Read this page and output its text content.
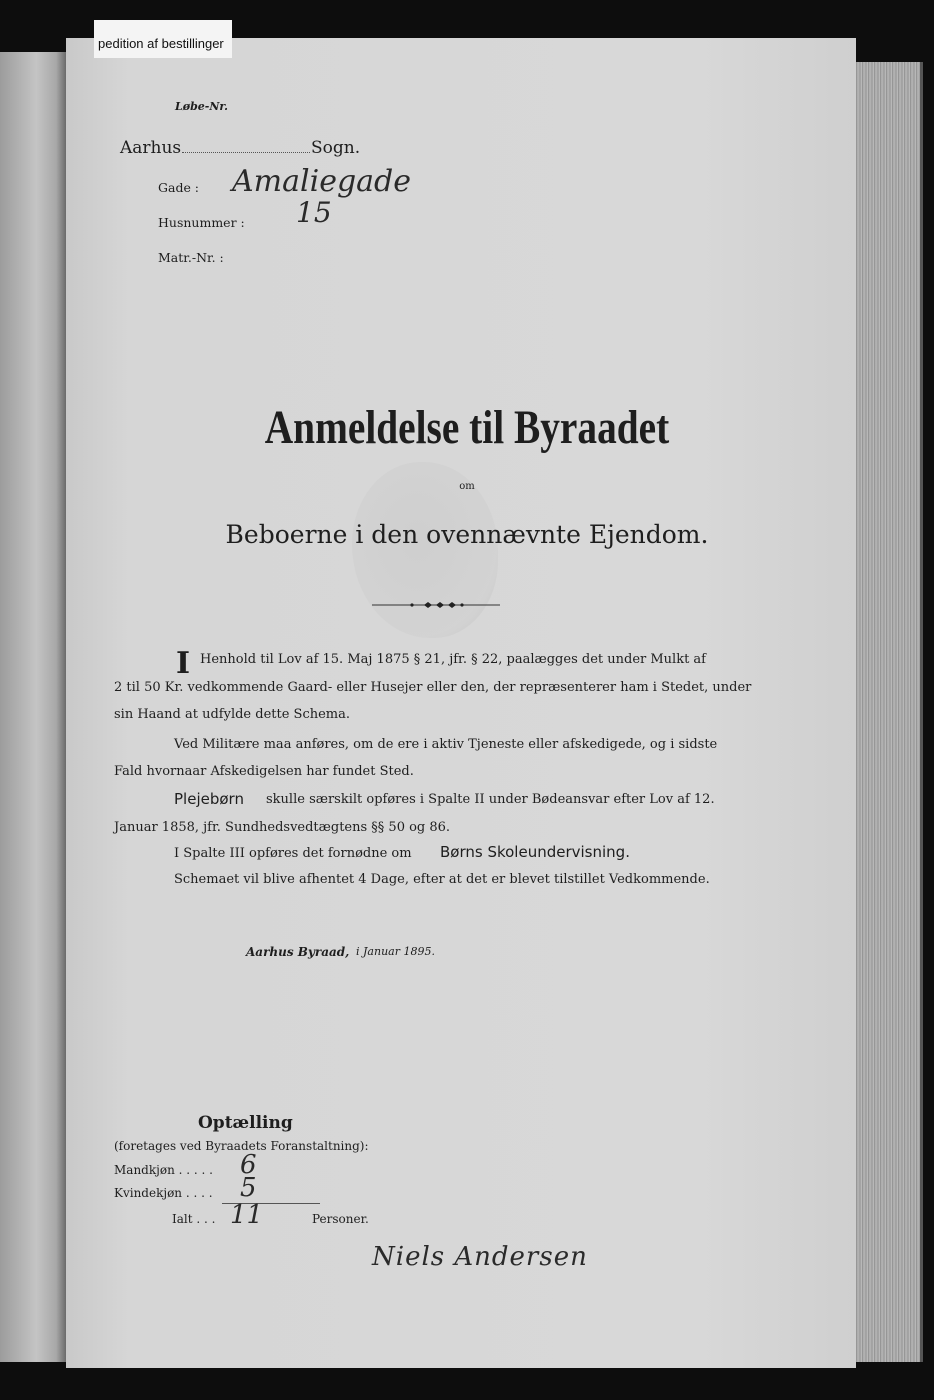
pedition af bestillinger
Løbe-Nr.
Aarhus	Sogn.
Gade : Amaliegade
Husnummer : 15
Matr.-Nr. :
Anmeldelse til Byraadet
om
Beboerne i den ovennævnte Ejendom.
I Henhold til Lov af 15. Maj 1875 § 21, jfr. § 22, paalægges det under Mulkt af
2 til 50 Kr. vedkommende Gaard- eller Husejer eller den, der repræsenterer ham i Stedet, under
sin Haand at udfylde dette Schema.
Ved Militære maa anføres, om de ere i aktiv Tjeneste eller afskedigede, og i sidste
Fald hvornaar Afskedigelsen har fundet Sted.
Plejebørn skulle særskilt opføres i Spalte II under Bødeansvar efter Lov af 12.
Januar 1858, jfr. Sundhedsvedtægtens §§ 50 og 86.
I Spalte III opføres det fornødne om Børns Skoleundervisning.
Schemaet vil blive afhentet 4 Dage, efter at det er blevet tilstillet Vedkommende.
Aarhus Byraad, i Januar 1895.
Optælling
(foretages ved Byraadets Foranstaltning):
Mandkjøn . . . . . 6
Kvindekjøn . . . . 5
Ialt . . . 11	Personer.
Niels Andersen
